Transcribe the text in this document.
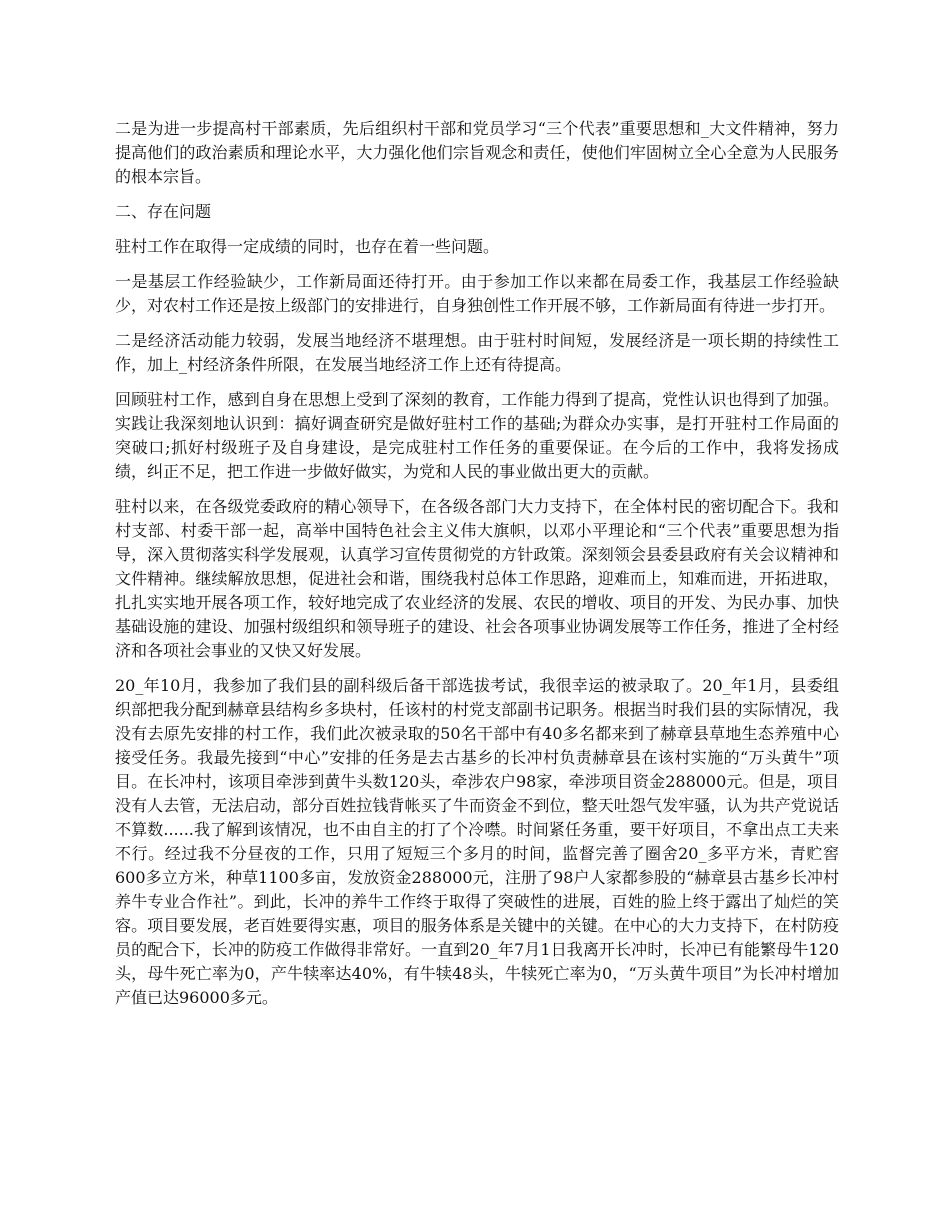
二是为进一步提高村干部素质，先后组织村干部和党员学习“三个代表”重要思想和_大文件精神，努力提高他们的政治素质和理论水平，大力强化他们宗旨观念和责任，使他们牢固树立全心全意为人民服务的根本宗旨。

二、存在问题

驻村工作在取得一定成绩的同时，也存在着一些问题。

一是基层工作经验缺少，工作新局面还待打开。由于参加工作以来都在局委工作，我基层工作经验缺少，对农村工作还是按上级部门的安排进行，自身独创性工作开展不够，工作新局面有待进一步打开。

二是经济活动能力较弱，发展当地经济不堪理想。由于驻村时间短，发展经济是一项长期的持续性工作，加上_村经济条件所限，在发展当地经济工作上还有待提高。

回顾驻村工作，感到自身在思想上受到了深刻的教育，工作能力得到了提高，党性认识也得到了加强。实践让我深刻地认识到：搞好调查研究是做好驻村工作的基础;为群众办实事，是打开驻村工作局面的突破口;抓好村级班子及自身建设，是完成驻村工作任务的重要保证。在今后的工作中，我将发扬成绩，纠正不足，把工作进一步做好做实，为党和人民的事业做出更大的贡献。

驻村以来，在各级党委政府的精心领导下，在各级各部门大力支持下，在全体村民的密切配合下。我和村支部、村委干部一起，高举中国特色社会主义伟大旗帜，以邓小平理论和“三个代表”重要思想为指导，深入贯彻落实科学发展观，认真学习宣传贯彻党的方针政策。深刻领会县委县政府有关会议精神和文件精神。继续解放思想，促进社会和谐，围绕我村总体工作思路，迎难而上，知难而进，开拓进取，扎扎实实地开展各项工作，较好地完成了农业经济的发展、农民的增收、项目的开发、为民办事、加快基础设施的建设、加强村级组织和领导班子的建设、社会各项事业协调发展等工作任务，推进了全村经济和各项社会事业的又快又好发展。

20_年10月，我参加了我们县的副科级后备干部选拔考试，我很幸运的被录取了。20_年1月，县委组织部把我分配到赫章县结构乡多块村，任该村的村党支部副书记职务。根据当时我们县的实际情况，我没有去原先安排的村工作，我们此次被录取的50名干部中有40多名都来到了赫章县草地生态养殖中心接受任务。我最先接到“中心”安排的任务是去古基乡的长冲村负责赫章县在该村实施的“万头黄牛”项目。在长冲村，该项目牵涉到黄牛头数120头，牵涉农户98家，牵涉项目资金288000元。但是，项目没有人去管，无法启动，部分百姓拉钱背帐买了牛而资金不到位，整天吐怨气发牢骚，认为共产党说话不算数......我了解到该情况，也不由自主的打了个冷噤。时间紧任务重，要干好项目，不拿出点工夫来不行。经过我不分昼夜的工作，只用了短短三个多月的时间，监督完善了圈舍20_多平方米，青贮窖600多立方米，种草1100多亩，发放资金288000元，注册了98户人家都参股的“赫章县古基乡长冲村养牛专业合作社”。到此，长冲的养牛工作终于取得了突破性的进展，百姓的脸上终于露出了灿烂的笑容。项目要发展，老百姓要得实惠，项目的服务体系是关键中的关键。在中心的大力支持下，在村防疫员的配合下，长冲的防疫工作做得非常好。一直到20_年7月1日我离开长冲时，长冲已有能繁母牛120头，母牛死亡率为0，产牛犊率达40%，有牛犊48头，牛犊死亡率为0，“万头黄牛项目”为长冲村增加产值已达96000多元。
